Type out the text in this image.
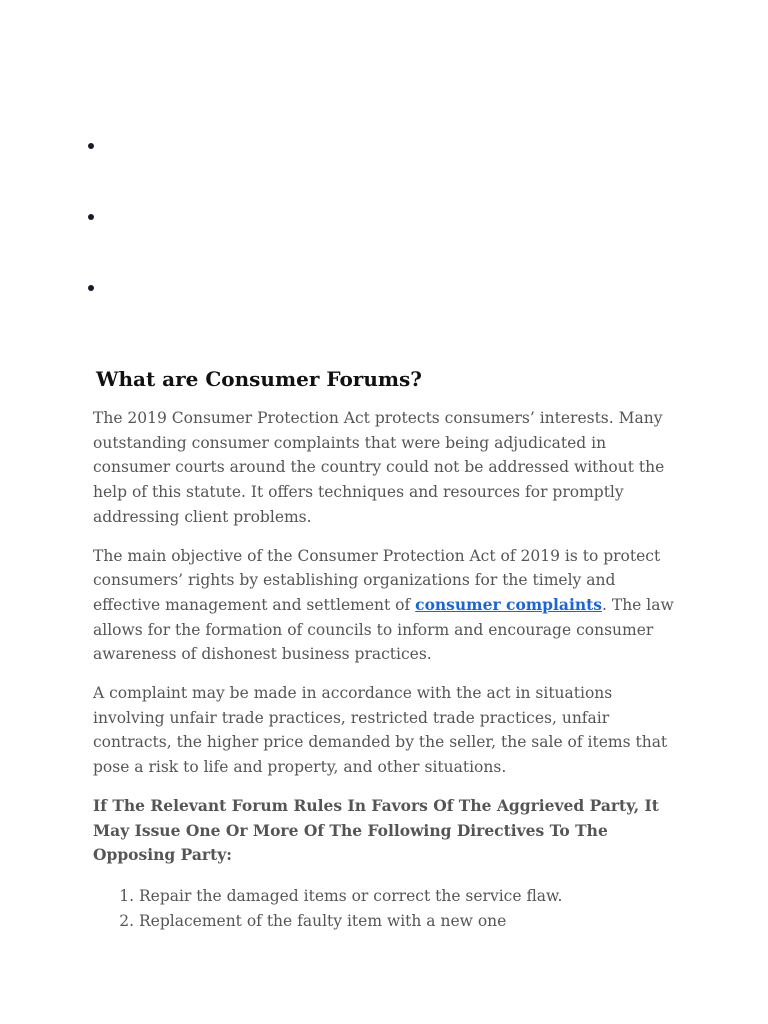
What are Consumer Forums?

The 2019 Consumer Protection Act protects consumers’ interests. Many outstanding consumer complaints that were being adjudicated in consumer courts around the country could not be addressed without the help of this statute. It offers techniques and resources for promptly addressing client problems.

The main objective of the Consumer Protection Act of 2019 is to protect consumers’ rights by establishing organizations for the timely and effective management and settlement of consumer complaints. The law allows for the formation of councils to inform and encourage consumer awareness of dishonest business practices.

A complaint may be made in accordance with the act in situations involving unfair trade practices, restricted trade practices, unfair contracts, the higher price demanded by the seller, the sale of items that pose a risk to life and property, and other situations.

If The Relevant Forum Rules In Favors Of The Aggrieved Party, It May Issue One Or More Of The Following Directives To The Opposing Party:

1. Repair the damaged items or correct the service flaw.
2. Replacement of the faulty item with a new one
